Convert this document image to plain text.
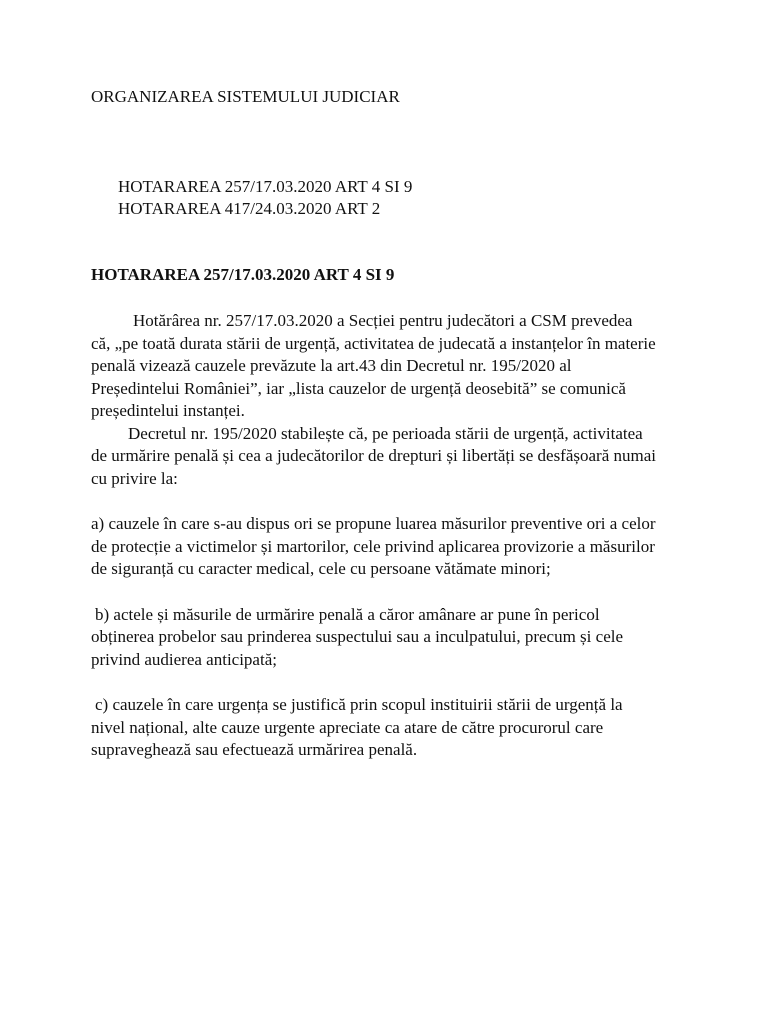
ORGANIZAREA SISTEMULUI JUDICIAR
HOTARAREA 257/17.03.2020 ART 4 SI 9
HOTARAREA 417/24.03.2020 ART 2
HOTARAREA 257/17.03.2020 ART 4 SI 9
Hotărârea nr. 257/17.03.2020 a Secției pentru judecători a CSM prevedea
că, „pe toată durata stării de urgență, activitatea de judecată a instanțelor în materie
penală vizează cauzele prevăzute la art.43 din Decretul nr. 195/2020 al
Președintelui României”, iar „lista cauzelor de urgență deosebită” se comunică
președintelui instanței.
Decretul nr. 195/2020 stabilește că, pe perioada stării de urgență, activitatea
de urmărire penală și cea a judecătorilor de drepturi și libertăți se desfășoară numai
cu privire la:
a) cauzele în care s-au dispus ori se propune luarea măsurilor preventive ori a celor
de protecție a victimelor și martorilor, cele privind aplicarea provizorie a măsurilor
de siguranță cu caracter medical, cele cu persoane vătămate minori;
b) actele și măsurile de urmărire penală a căror amânare ar pune în pericol
obținerea probelor sau prinderea suspectului sau a inculpatului, precum și cele
privind audierea anticipată;
c) cauzele în care urgența se justifică prin scopul instituirii stării de urgență la
nivel național, alte cauze urgente apreciate ca atare de către procurorul care
supraveghează sau efectuează urmărirea penală.
